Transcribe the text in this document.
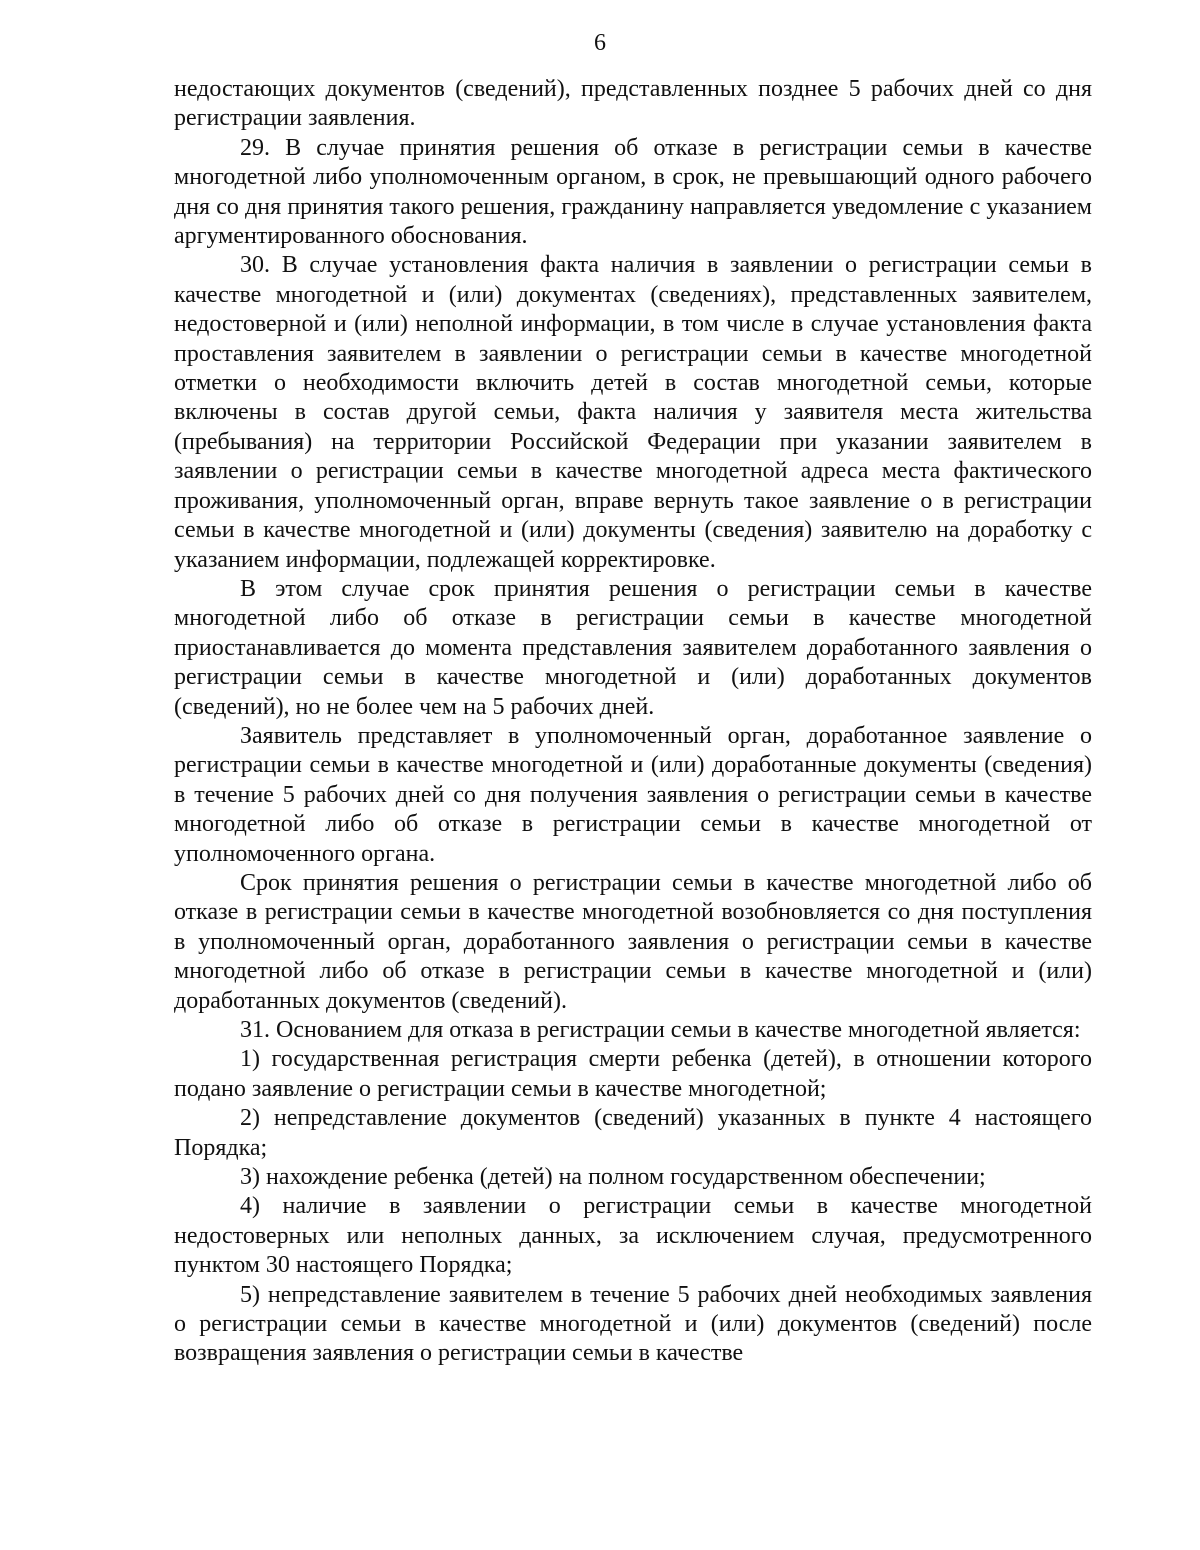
6

недостающих документов (сведений), представленных позднее 5 рабочих дней со дня регистрации заявления.

29. В случае принятия решения об отказе в регистрации семьи в качестве многодетной либо уполномоченным органом, в срок, не превышающий одного рабочего дня со дня принятия такого решения, гражданину направляется уведомление с указанием аргументированного обоснования.

30. В случае установления факта наличия в заявлении о регистрации семьи в качестве многодетной и (или) документах (сведениях), представленных заявителем, недостоверной и (или) неполной информации, в том числе в случае установления факта проставления заявителем в заявлении о регистрации семьи в качестве многодетной отметки о необходимости включить детей в состав многодетной семьи, которые включены в состав другой семьи, факта наличия у заявителя места жительства (пребывания) на территории Российской Федерации при указании заявителем в заявлении о регистрации семьи в качестве многодетной адреса места фактического проживания, уполномоченный орган, вправе вернуть такое заявление о в регистрации семьи в качестве многодетной и (или) документы (сведения) заявителю на доработку с указанием информации, подлежащей корректировке.

В этом случае срок принятия решения о регистрации семьи в качестве многодетной либо об отказе в регистрации семьи в качестве многодетной приостанавливается до момента представления заявителем доработанного заявления о регистрации семьи в качестве многодетной и (или) доработанных документов (сведений), но не более чем на 5 рабочих дней.

Заявитель представляет в уполномоченный орган, доработанное заявление о регистрации семьи в качестве многодетной и (или) доработанные документы (сведения) в течение 5 рабочих дней со дня получения заявления о регистрации семьи в качестве многодетной либо об отказе в регистрации семьи в качестве многодетной от уполномоченного органа.

Срок принятия решения о регистрации семьи в качестве многодетной либо об отказе в регистрации семьи в качестве многодетной возобновляется со дня поступления в уполномоченный орган, доработанного заявления о регистрации семьи в качестве многодетной либо об отказе в регистрации семьи в качестве многодетной и (или) доработанных документов (сведений).

31. Основанием для отказа в регистрации семьи в качестве многодетной является:

1) государственная регистрация смерти ребенка (детей), в отношении которого подано заявление о регистрации семьи в качестве многодетной;

2) непредставление документов (сведений) указанных в пункте 4 настоящего Порядка;

3) нахождение ребенка (детей) на полном государственном обеспечении;

4) наличие в заявлении о регистрации семьи в качестве многодетной недостоверных или неполных данных, за исключением случая, предусмотренного пунктом 30 настоящего Порядка;

5) непредставление заявителем в течение 5 рабочих дней необходимых заявления о регистрации семьи в качестве многодетной и (или) документов (сведений) после возвращения заявления о регистрации семьи в качестве
